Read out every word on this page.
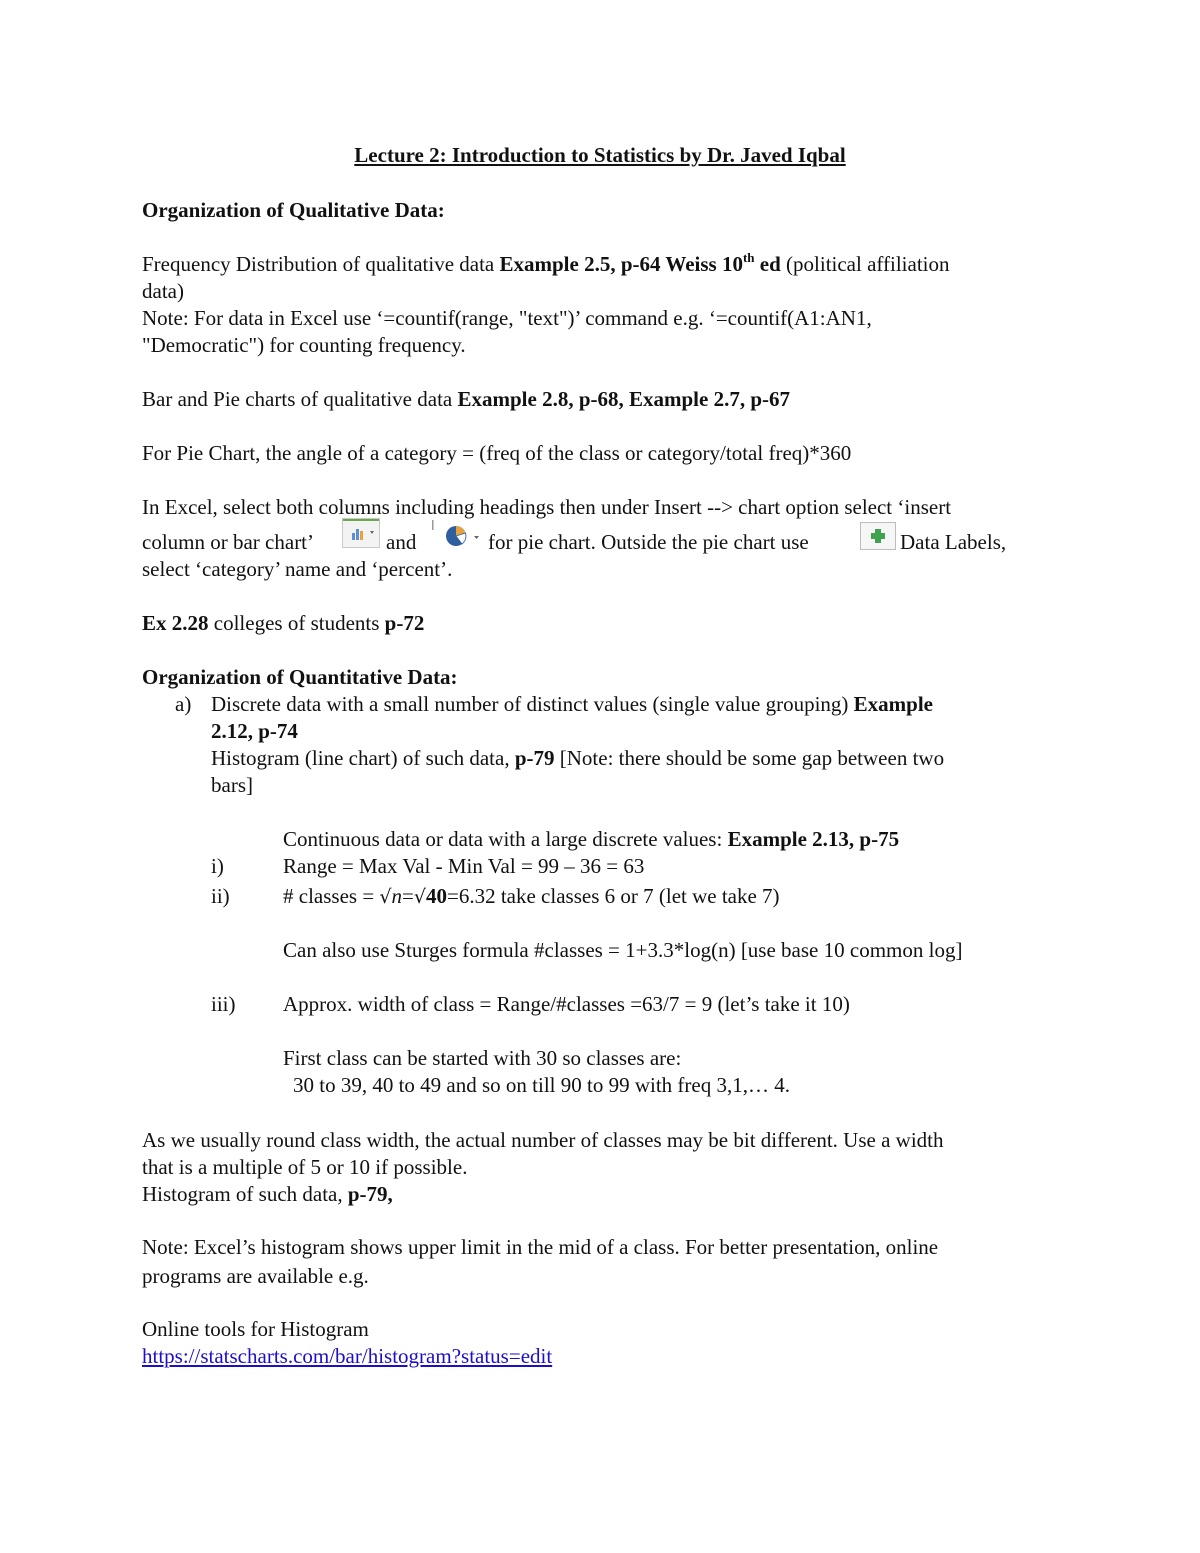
Lecture 2: Introduction to Statistics by Dr. Javed Iqbal
Organization of Qualitative Data:
Frequency Distribution of qualitative data Example 2.5, p-64 Weiss 10th ed (political affiliation
data)
Note: For data in Excel use ‘=countif(range, "text")’ command e.g. ‘=countif(A1:AN1,
"Democratic") for counting frequency.
Bar and Pie charts of qualitative data Example 2.8, p-68, Example 2.7, p-67
For Pie Chart, the angle of a category = (freq of the class or category/total freq)*360
In Excel, select both columns including headings then under Insert --> chart option select ‘insert
column or bar chart’	and	for pie chart. Outside the pie chart use	Data Labels,
select ‘category’ name and ‘percent’.
Ex 2.28 colleges of students p-72
Organization of Quantitative Data:
a) Discrete data with a small number of distinct values (single value grouping) Example
2.12, p-74
Histogram (line chart) of such data, p-79 [Note: there should be some gap between two
bars]
Continuous data or data with a large discrete values: Example 2.13, p-75
i)	Range = Max Val - Min Val = 99 – 36 = 63
ii)	# classes = √n=√40=6.32 take classes 6 or 7 (let we take 7)
Can also use Sturges formula #classes = 1+3.3*log(n) [use base 10 common log]
iii) Approx. width of class = Range/#classes =63/7 = 9 (let’s take it 10)
First class can be started with 30 so classes are:
30 to 39, 40 to 49 and so on till 90 to 99 with freq 3,1,… 4.
As we usually round class width, the actual number of classes may be bit different. Use a width
that is a multiple of 5 or 10 if possible.
Histogram of such data, p-79,
Note: Excel’s histogram shows upper limit in the mid of a class. For better presentation, online
programs are available e.g.
Online tools for Histogram
https://statscharts.com/bar/histogram?status=edit
